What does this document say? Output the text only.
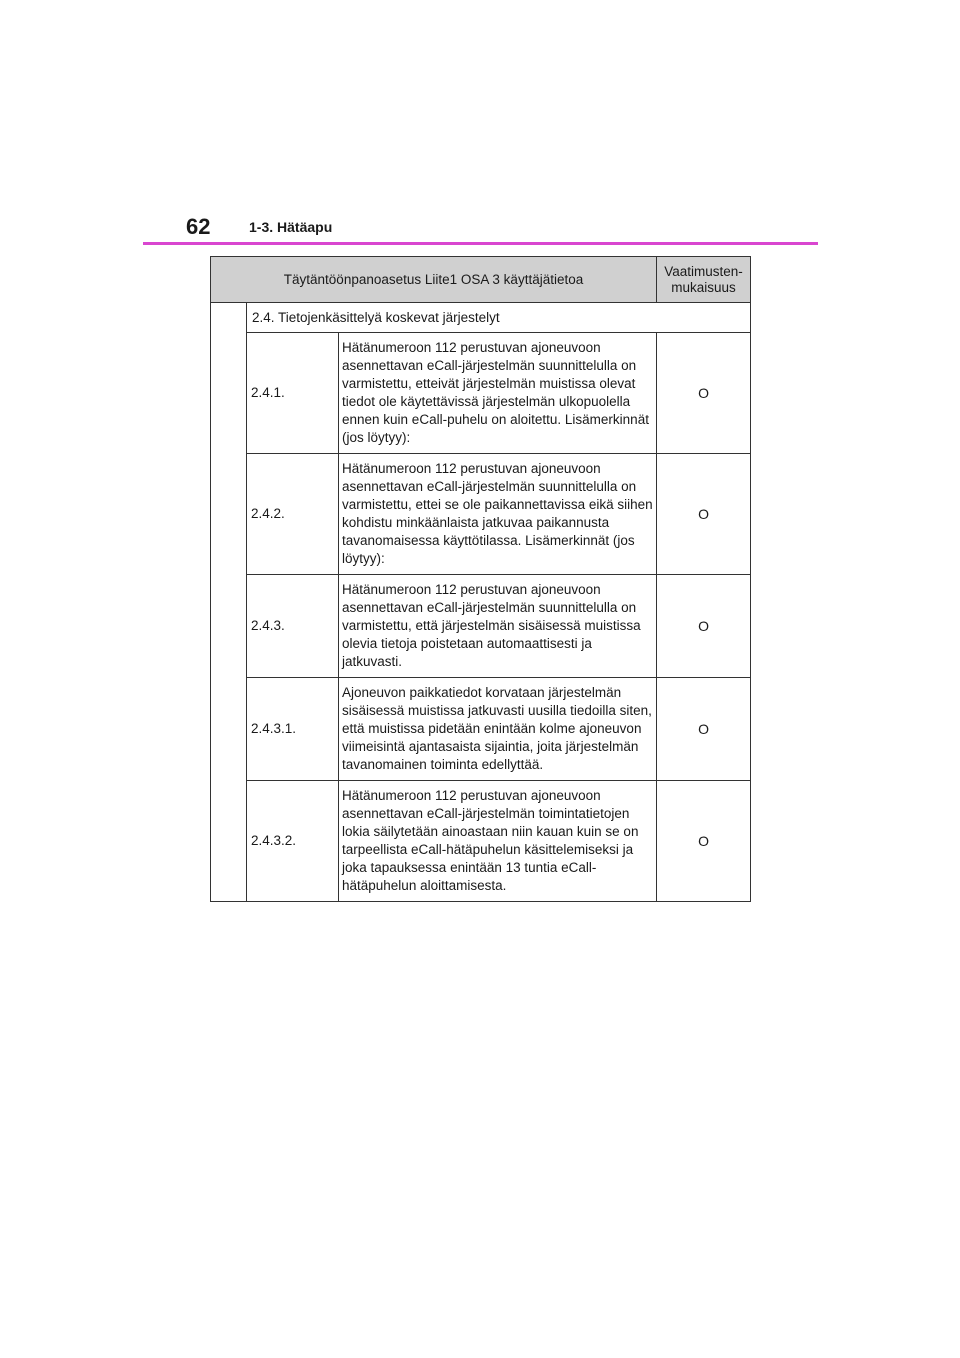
62	1-3. Hätäapu
Täytäntöönpanoasetus Liite1 OSA 3 käyttäjätietoa			Vaatimusten-mukaisuus
	2.4. Tietojenkäsittelyä koskevat järjestelyt		
	2.4.1.	Hätänumeroon 112 perustuvan ajoneuvoon asennettavan eCall-järjestelmän suunnittelulla on varmistettu, etteivät järjestelmän muistissa olevat tiedot ole käytettävissä järjestelmän ulkopuolella ennen kuin eCall-puhelu on aloitettu. Lisämerkinnät (jos löytyy):	O
	2.4.2.	Hätänumeroon 112 perustuvan ajoneuvoon asennettavan eCall-järjestelmän suunnittelulla on varmistettu, ettei se ole paikannettavissa eikä siihen kohdistu minkäänlaista jatkuvaa paikannusta tavanomaisessa käyttötilassa. Lisämerkinnät (jos löytyy):	O
	2.4.3.	Hätänumeroon 112 perustuvan ajoneuvoon asennettavan eCall-järjestelmän suunnittelulla on varmistettu, että järjestelmän sisäisessä muistissa olevia tietoja poistetaan automaattisesti ja jatkuvasti.	O
	2.4.3.1.	Ajoneuvon paikkatiedot korvataan järjestelmän sisäisessä muistissa jatkuvasti uusilla tiedoilla siten, että muistissa pidetään enintään kolme ajoneuvon viimeisintä ajantasaista sijaintia, joita järjestelmän tavanomainen toiminta edellyttää.	O
	2.4.3.2.	Hätänumeroon 112 perustuvan ajoneuvoon asennettavan eCall-järjestelmän toimintatietojen lokia säilytetään ainoastaan niin kauan kuin se on tarpeellista eCall-hätäpuhelun käsittelemiseksi ja joka tapauksessa enintään 13 tuntia eCall-hätäpuhelun aloittamisesta.	O
